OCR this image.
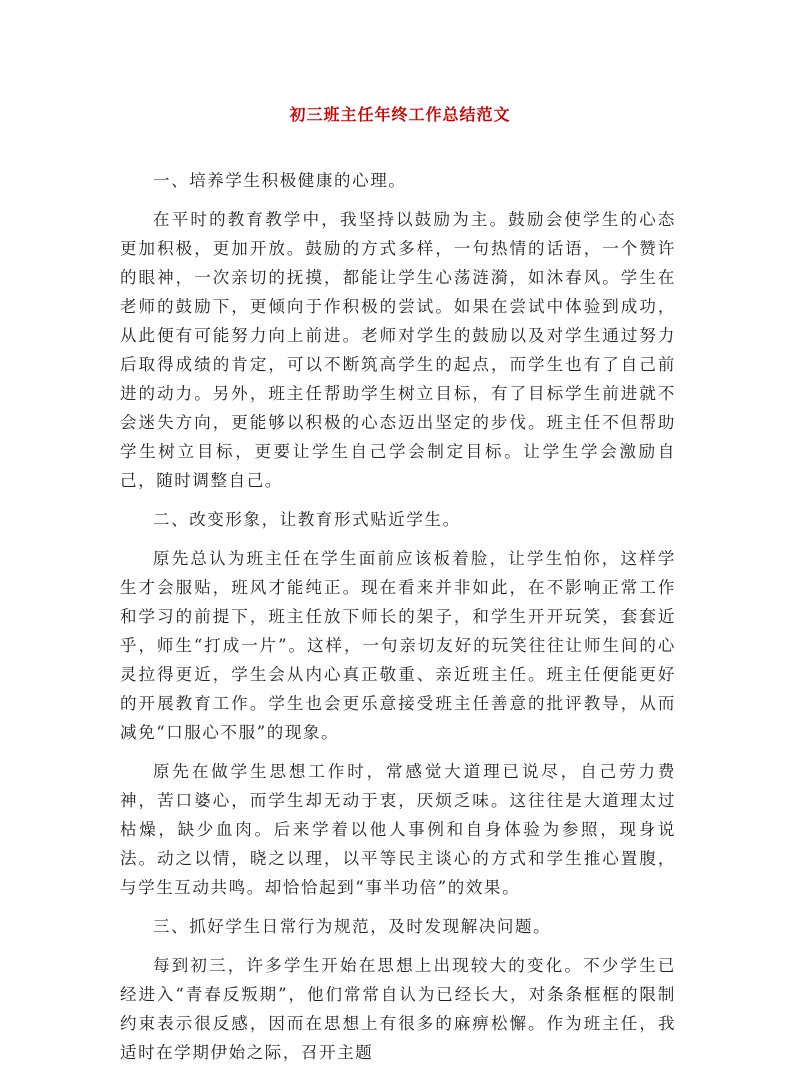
初三班主任年终工作总结范文

一、培养学生积极健康的心理。

在平时的教育教学中，我坚持以鼓励为主。鼓励会使学生的心态更加积极，更加开放。鼓励的方式多样，一句热情的话语，一个赞许的眼神，一次亲切的抚摸，都能让学生心荡涟漪，如沐春风。学生在老师的鼓励下，更倾向于作积极的尝试。如果在尝试中体验到成功，从此便有可能努力向上前进。老师对学生的鼓励以及对学生通过努力后取得成绩的肯定，可以不断筑高学生的起点，而学生也有了自己前进的动力。另外，班主任帮助学生树立目标，有了目标学生前进就不会迷失方向，更能够以积极的心态迈出坚定的步伐。班主任不但帮助学生树立目标，更要让学生自己学会制定目标。让学生学会激励自己，随时调整自己。

二、改变形象，让教育形式贴近学生。

原先总认为班主任在学生面前应该板着脸，让学生怕你，这样学生才会服贴，班风才能纯正。现在看来并非如此，在不影响正常工作和学习的前提下，班主任放下师长的架子，和学生开开玩笑，套套近乎，师生“打成一片”。这样，一句亲切友好的玩笑往往让师生间的心灵拉得更近，学生会从内心真正敬重、亲近班主任。班主任便能更好的开展教育工作。学生也会更乐意接受班主任善意的批评教导，从而减免“口服心不服”的现象。

原先在做学生思想工作时，常感觉大道理已说尽，自己劳力费神，苦口婆心，而学生却无动于衷，厌烦乏味。这往往是大道理太过枯燥，缺少血肉。后来学着以他人事例和自身体验为参照，现身说法。动之以情，晓之以理，以平等民主谈心的方式和学生推心置腹，与学生互动共鸣。却恰恰起到“事半功倍”的效果。

三、抓好学生日常行为规范，及时发现解决问题。

每到初三，许多学生开始在思想上出现较大的变化。不少学生已经进入“青春反叛期”，他们常常自认为已经长大，对条条框框的限制约束表示很反感，因而在思想上有很多的麻痹松懈。作为班主任，我适时在学期伊始之际，召开主题
